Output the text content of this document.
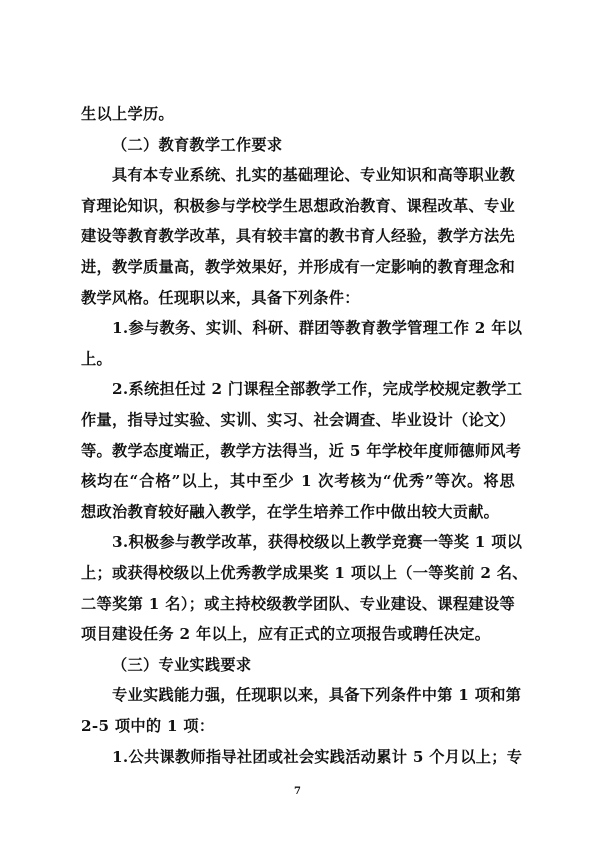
生以上学历。
（二）教育教学工作要求
具有本专业系统、扎实的基础理论、专业知识和高等职业教
育理论知识，积极参与学校学生思想政治教育、课程改革、专业
建设等教育教学改革，具有较丰富的教书育人经验，教学方法先
进，教学质量高，教学效果好，并形成有一定影响的教育理念和
教学风格。任现职以来，具备下列条件：
1.参与教务、实训、科研、群团等教育教学管理工作 2 年以
上。
2.系统担任过 2 门课程全部教学工作，完成学校规定教学工
作量，指导过实验、实训、实习、社会调查、毕业设计（论文）
等。教学态度端正，教学方法得当，近 5 年学校年度师德师风考
核均在“合格”以上，其中至少 1 次考核为“优秀”等次。将思
想政治教育较好融入教学，在学生培养工作中做出较大贡献。
3.积极参与教学改革，获得校级以上教学竞赛一等奖 1 项以
上；或获得校级以上优秀教学成果奖 1 项以上（一等奖前 2 名、
二等奖第 1 名）；或主持校级教学团队、专业建设、课程建设等
项目建设任务 2 年以上，应有正式的立项报告或聘任决定。
（三）专业实践要求
专业实践能力强，任现职以来，具备下列条件中第 1 项和第
2-5 项中的 1 项：
1.公共课教师指导社团或社会实践活动累计 5 个月以上；专
7
